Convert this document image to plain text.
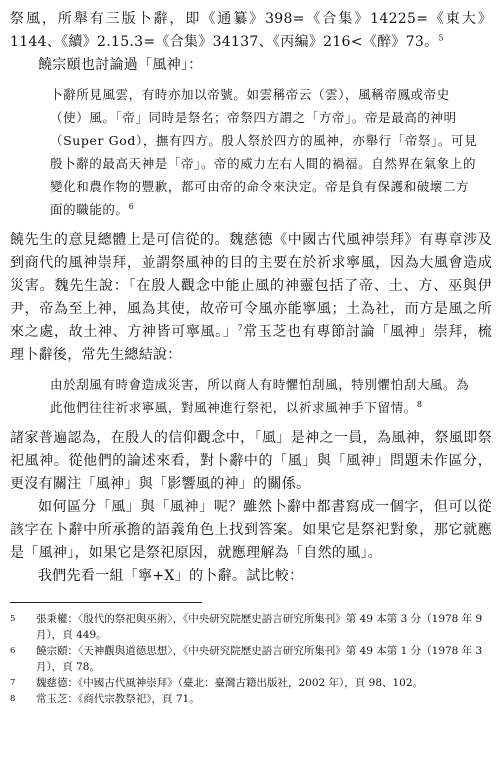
祭風，所舉有三版卜辭，即《通纂》398=《合集》14225=《東大》1144、《續》2.15.3=《合集》34137、《丙編》216<《醉》73。$^5$

饒宗頤也討論過「風神」：

卜辭所見風雲，有時亦加以帝號。如雲稱帝云（雲），風稱帝鳳或帝史（使）風。「帝」同時是祭名；帝祭四方謂之「方帝」。帝是最高的神明（Super God），撫有四方。殷人祭於四方的風神，亦舉行「帝祭」。可見殷卜辭的最高天神是「帝」。帝的威力左右人間的禍福。自然界在氣象上的變化和農作物的豐歉，都可由帝的命令來決定。帝是負有保護和破壞二方面的職能的。$^6$

饒先生的意見總體上是可信從的。魏慈德《中國古代風神崇拜》有專章涉及到商代的風神崇拜，並謂祭風神的目的主要在於祈求寧風，因為大風會造成災害。魏先生說：「在殷人觀念中能止風的神靈包括了帝、土、方、巫與伊尹，帝為至上神，風為其使，故帝可令風亦能寧風；土為社，而方是風之所來之處，故土神、方神皆可寧風。」$^7$常玉芝也有專節討論「風神」崇拜，梳理卜辭後，常先生總結說：

由於刮風有時會造成災害，所以商人有時懼怕刮風，特別懼怕刮大風。為此他們往往祈求寧風，對風神進行祭祀，以祈求風神手下留情。$^8$

諸家普遍認為，在殷人的信仰觀念中，「風」是神之一員，為風神，祭風即祭祀風神。從他們的論述來看，對卜辭中的「風」與「風神」問題未作區分，更沒有關注「風神」與「影響風的神」的關係。

如何區分「風」與「風神」呢？雖然卜辭中都書寫成一個字，但可以從該字在卜辭中所承擔的語義角色上找到答案。如果它是祭祀對象，那它就應是「風神」，如果它是祭祀原因，就應理解為「自然的風」。

我們先看一組「寧+X」的卜辭。試比較：

5 張秉權：〈殷代的祭祀與巫術〉，《中央研究院歷史語言研究所集刊》第 49 本第 3 分（1978 年 9 月），頁 449。

6 饒宗頤：〈天神觀與道德思想〉，《中央研究院歷史語言研究所集刊》第 49 本第 1 分（1978 年 3 月），頁 78。

7 魏慈德：《中國古代風神崇拜》（臺北：臺灣古籍出版社，2002 年），頁 98、102。

8 常玉芝：《商代宗教祭祀》，頁 71。
